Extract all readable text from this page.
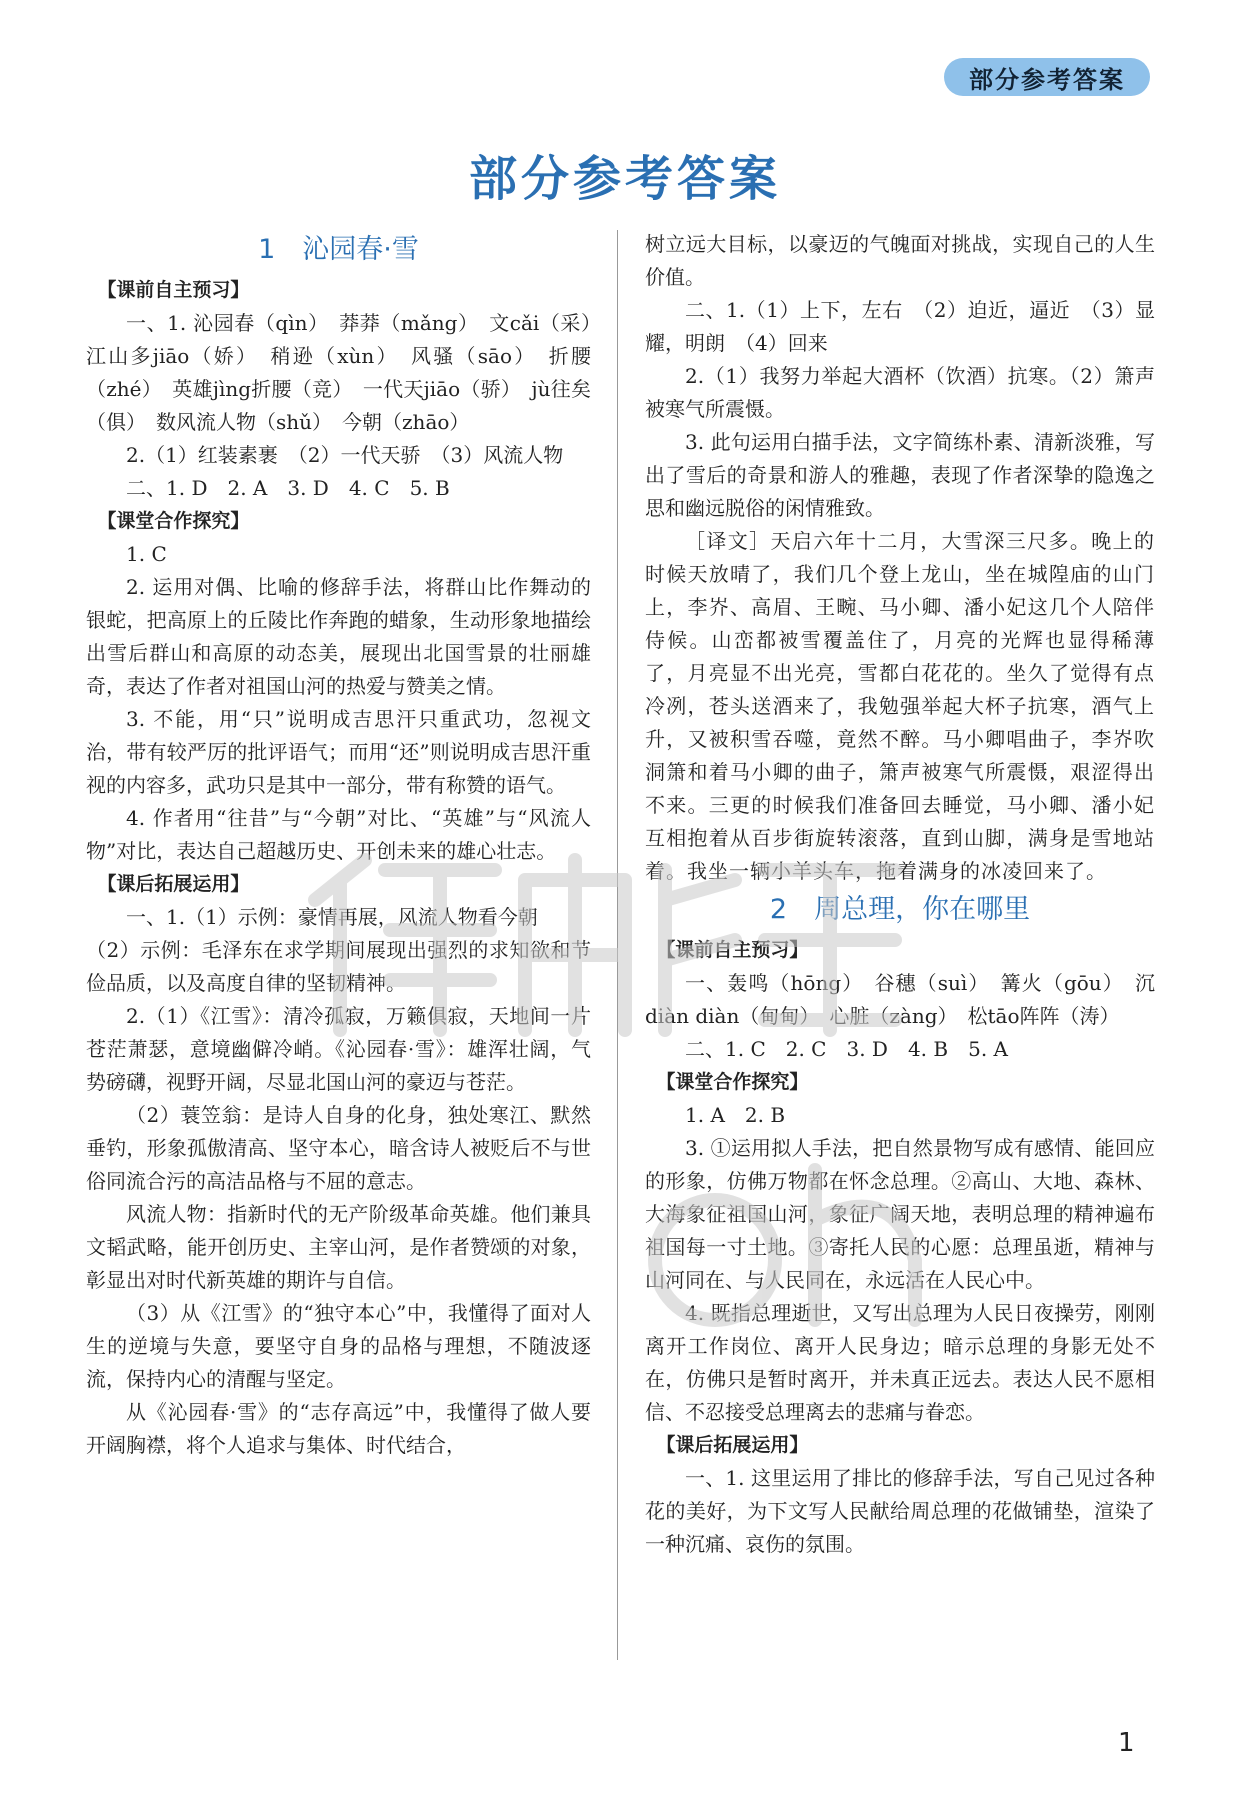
部分参考答案
部分参考答案
1　沁园春·雪
【课前自主预习】

一、1. 沁园春（qìn）　莽莽（mǎng）　文cǎi（采）　江山多jiāo（娇）　稍逊（xùn）　风骚（sāo）　折腰（zhé）　英雄jìng折腰（竞）　一代天jiāo（骄）　jù往矣（俱）　数风流人物（shǔ）　今朝（zhāo）

2.（1）红装素裹　（2）一代天骄　（3）风流人物

二、1. D　2. A　3. D　4. C　5. B

【课堂合作探究】

1. C

2. 运用对偶、比喻的修辞手法，将群山比作舞动的银蛇，把高原上的丘陵比作奔跑的蜡象，生动形象地描绘出雪后群山和高原的动态美，展现出北国雪景的壮丽雄奇，表达了作者对祖国山河的热爱与赞美之情。

3. 不能，用“只”说明成吉思汗只重武功，忽视文治，带有较严厉的批评语气；而用“还”则说明成吉思汗重视的内容多，武功只是其中一部分，带有称赞的语气。

4. 作者用“往昔”与“今朝”对比、“英雄”与“风流人物”对比，表达自己超越历史、开创未来的雄心壮志。

【课后拓展运用】

一、1.（1）示例：豪情再展，风流人物看今朝

（2）示例：毛泽东在求学期间展现出强烈的求知欲和节俭品质，以及高度自律的坚韧精神。

2.（1）《江雪》：清冷孤寂，万籁俱寂，天地间一片苍茫萧瑟，意境幽僻冷峭。《沁园春·雪》：雄浑壮阔，气势磅礴，视野开阔，尽显北国山河的豪迈与苍茫。

（2）蓑笠翁：是诗人自身的化身，独处寒江、默然垂钓，形象孤傲清高、坚守本心，暗含诗人被贬后不与世俗同流合污的高洁品格与不屈的意志。

风流人物：指新时代的无产阶级革命英雄。他们兼具文韬武略，能开创历史、主宰山河，是作者赞颂的对象，彰显出对时代新英雄的期许与自信。

（3）从《江雪》的“独守本心”中，我懂得了面对人生的逆境与失意，要坚守自身的品格与理想，不随波逐流，保持内心的清醒与坚定。

从《沁园春·雪》的“志存高远”中，我懂得了做人要开阔胸襟，将个人追求与集体、时代结合，

树立远大目标，以豪迈的气魄面对挑战，实现自己的人生价值。

二、1.（1）上下，左右　（2）迫近，逼近　（3）显耀，明朗　（4）回来

2.（1）我努力举起大酒杯（饮酒）抗寒。（2）箫声被寒气所震慑。

3. 此句运用白描手法，文字简练朴素、清新淡雅，写出了雪后的奇景和游人的雅趣，表现了作者深挚的隐逸之思和幽远脱俗的闲情雅致。

［译文］天启六年十二月，大雪深三尺多。晚上的时候天放晴了，我们几个登上龙山，坐在城隍庙的山门上，李岕、高眉、王畹、马小卿、潘小妃这几个人陪伴侍候。山峦都被雪覆盖住了，月亮的光辉也显得稀薄了，月亮显不出光亮，雪都白花花的。坐久了觉得有点冷冽，苍头送酒来了，我勉强举起大杯子抗寒，酒气上升，又被积雪吞噬，竟然不醉。马小卿唱曲子，李岕吹洞箫和着马小卿的曲子，箫声被寒气所震慑，艰涩得出不来。三更的时候我们准备回去睡觉，马小卿、潘小妃互相抱着从百步街旋转滚落，直到山脚，满身是雪地站着。我坐一辆小羊头车，拖着满身的冰凌回来了。

2　周总理，你在哪里
【课前自主预习】

一、轰鸣（hōng）　谷穗（suì）　篝火（gōu）　沉diàn diàn（甸甸）　心脏（zàng）　松tāo阵阵（涛）

二、1. C　2. C　3. D　4. B　5. A

【课堂合作探究】

1. A　2. B

3. ①运用拟人手法，把自然景物写成有感情、能回应的形象，仿佛万物都在怀念总理。②高山、大地、森林、大海象征祖国山河，象征广阔天地，表明总理的精神遍布祖国每一寸土地。③寄托人民的心愿：总理虽逝，精神与山河同在、与人民同在，永远活在人民心中。

4. 既指总理逝世，又写出总理为人民日夜操劳，刚刚离开工作岗位、离开人民身边；暗示总理的身影无处不在，仿佛只是暂时离开，并未真正远去。表达人民不愿相信、不忍接受总理离去的悲痛与眷恋。

【课后拓展运用】

一、1. 这里运用了排比的修辞手法，写自己见过各种花的美好，为下文写人民献给周总理的花做铺垫，渲染了一种沉痛、哀伤的氛围。

1
